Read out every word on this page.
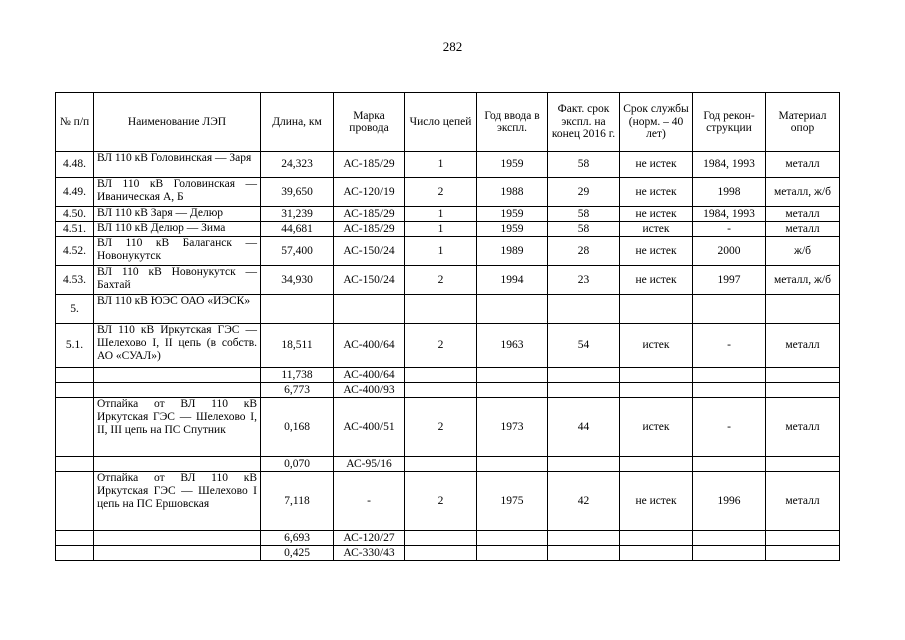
282
№ п/п	Наименование ЛЭП	Длина, км	Марка провода	Число цепей	Год ввода в экспл.	Факт. срок экспл. на конец 2016 г.	Срок службы (норм. – 40 лет)	Год рекон-струкции	Материал опор
4.48.	ВЛ 110 кВ Головинская — Заря	24,323	АС-185/29	1	1959	58	не истек	1984, 1993	металл
4.49.	ВЛ 110 кВ Головинская — Иваническая А, Б	39,650	АС-120/19	2	1988	29	не истек	1998	металл, ж/б
4.50.	ВЛ 110 кВ Заря — Делюр	31,239	АС-185/29	1	1959	58	не истек	1984, 1993	металл
4.51.	ВЛ 110 кВ Делюр — Зима	44,681	АС-185/29	1	1959	58	истек	-	металл
4.52.	ВЛ 110 кВ Балаганск — Новонукутск	57,400	АС-150/24	1	1989	28	не истек	2000	ж/б
4.53.	ВЛ 110 кВ Новонукутск — Бахтай	34,930	АС-150/24	2	1994	23	не истек	1997	металл, ж/б
5.	ВЛ 110 кВ ЮЭС ОАО «ИЭСК»								
5.1.	ВЛ 110 кВ Иркутская ГЭС — Шелехово I, II цепь (в собств. АО «СУАЛ»)	18,511	АС-400/64	2	1963	54	истек	-	металл
		11,738	АС-400/64						
		6,773	АС-400/93						
	Отпайка от ВЛ 110 кВ Иркутская ГЭС — Шелехово I, II, III цепь на ПС Спутник	0,168	АС-400/51	2	1973	44	истек	-	металл
		0,070	АС-95/16						
	Отпайка от ВЛ 110 кВ Иркутская ГЭС — Шелехово I цепь на ПС Ершовская	7,118	-	2	1975	42	не истек	1996	металл
		6,693	АС-120/27						
		0,425	АС-330/43						
